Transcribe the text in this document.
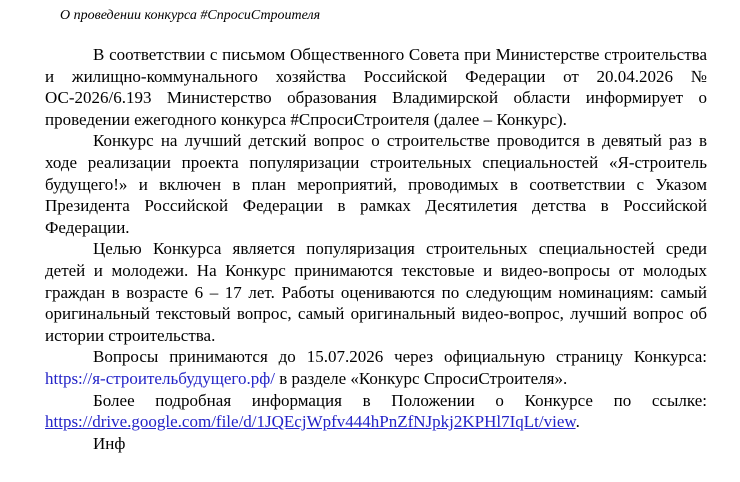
О проведении конкурса #СпросиСтроителя

В соответствии с письмом Общественного Совета при Министерстве строительства и жилищно-коммунального хозяйства Российской Федерации от 20.04.2026 № ОС-2026/6.193 Министерство образования Владимирской области информирует о проведении ежегодного конкурса #СпросиСтроителя (далее – Конкурс).

Конкурс на лучший детский вопрос о строительстве проводится в девятый раз в ходе реализации проекта популяризации строительных специальностей «Я-строитель будущего!» и включен в план мероприятий, проводимых в соответствии с Указом Президента Российской Федерации в рамках Десятилетия детства в Российской Федерации.

Целью Конкурса является популяризация строительных специальностей среди детей и молодежи. На Конкурс принимаются текстовые и видео-вопросы от молодых граждан в возрасте 6 – 17 лет. Работы оцениваются по следующим номинациям: самый оригинальный текстовый вопрос, самый оригинальный видео-вопрос, лучший вопрос об истории строительства.

Вопросы принимаются до 15.07.2026 через официальную страницу Конкурса: https://я-строительбудущего.рф/ в разделе «Конкурс СпросиСтроителя».

Более подробная информация в Положении о Конкурсе по ссылке: https://drive.google.com/file/d/1JQEcjWpfv444hPnZfNJpkj2KPHl7IqLt/view.

Инф
